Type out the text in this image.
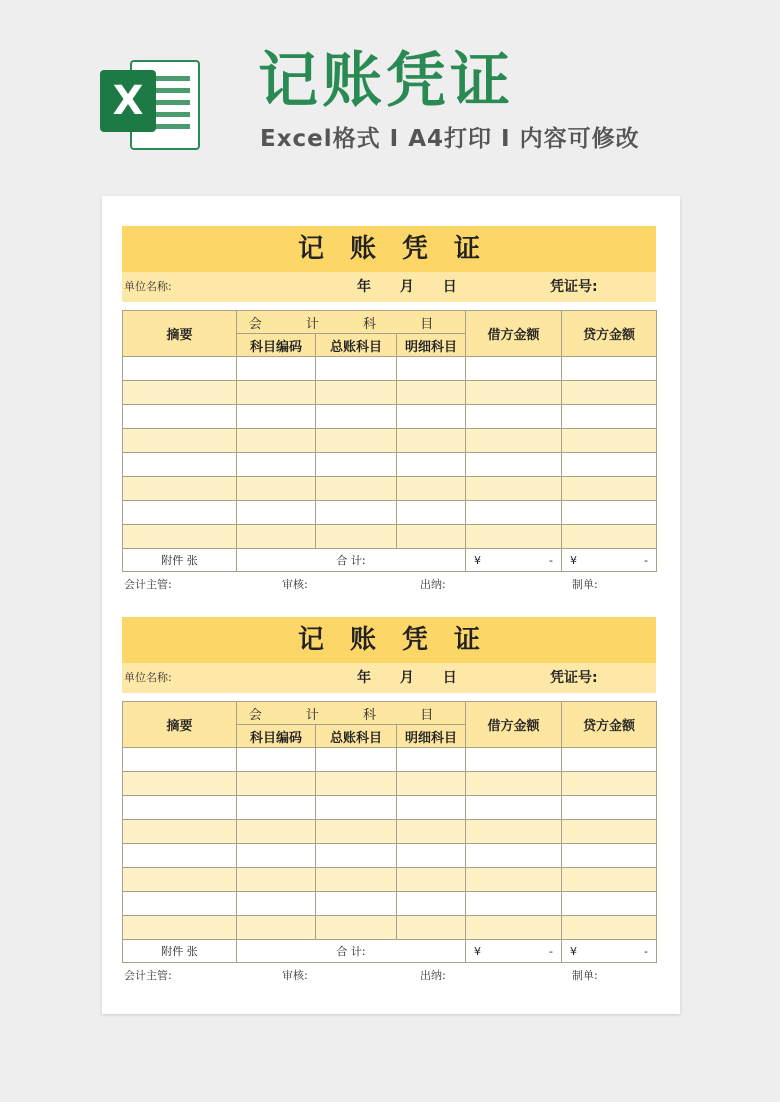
X 记账凭证

Excel格式 I A4打印 I 内容可修改

记账凭证
单位名称:	年 月 日	凭证号:
摘要	会 计 科 目			借方金额	贷方金额
	科目编码	总账科目	明细科目		

附件 张	合 计:			¥ -	¥ -
会计主管:	审核:	出纳:	制单:
记账凭证
单位名称:	年 月 日	凭证号:
摘要	会 计 科 目			借方金额	贷方金额
	科目编码	总账科目	明细科目		

附件 张	合 计:			¥ -	¥ -
会计主管:	审核:	出纳:	制单:
